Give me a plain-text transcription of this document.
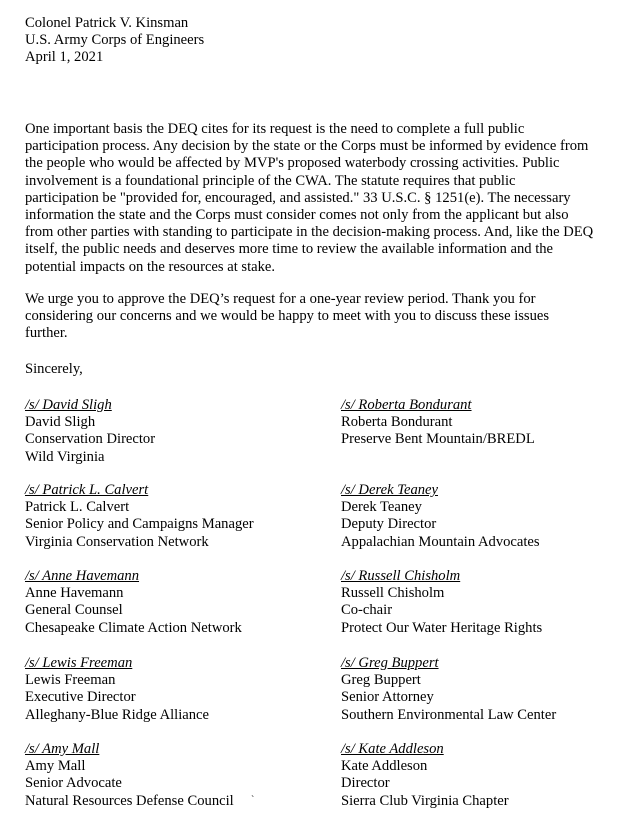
Colonel Patrick V. Kinsman
U.S. Army Corps of Engineers
April 1, 2021
One important basis the DEQ cites for its request is the need to complete a full public
participation process. Any decision by the state or the Corps must be informed by evidence from
the people who would be affected by MVP's proposed waterbody crossing activities. Public
involvement is a foundational principle of the CWA. The statute requires that public
participation be "provided for, encouraged, and assisted." 33 U.S.C. § 1251(e). The necessary
information the state and the Corps must consider comes not only from the applicant but also
from other parties with standing to participate in the decision-making process. And, like the DEQ
itself, the public needs and deserves more time to review the available information and the
potential impacts on the resources at stake.
We urge you to approve the DEQ’s request for a one-year review period. Thank you for
considering our concerns and we would be happy to meet with you to discuss these issues
further.
Sincerely,
/s/ David Sligh
David Sligh
Conservation Director
Wild Virginia
/s/ Patrick L. Calvert
Patrick L. Calvert
Senior Policy and Campaigns Manager
Virginia Conservation Network
/s/ Anne Havemann
Anne Havemann
General Counsel
Chesapeake Climate Action Network
/s/ Lewis Freeman
Lewis Freeman
Executive Director
Alleghany-Blue Ridge Alliance
/s/ Amy Mall
Amy Mall
Senior Advocate
Natural Resources Defense Council
/s/ Roberta Bondurant
Roberta Bondurant
Preserve Bent Mountain/BREDL
/s/ Derek Teaney
Derek Teaney
Deputy Director
Appalachian Mountain Advocates
/s/ Russell Chisholm
Russell Chisholm
Co-chair
Protect Our Water Heritage Rights
/s/ Greg Buppert
Greg Buppert
Senior Attorney
Southern Environmental Law Center
/s/ Kate Addleson
Kate Addleson
Director
Sierra Club Virginia Chapter
`
